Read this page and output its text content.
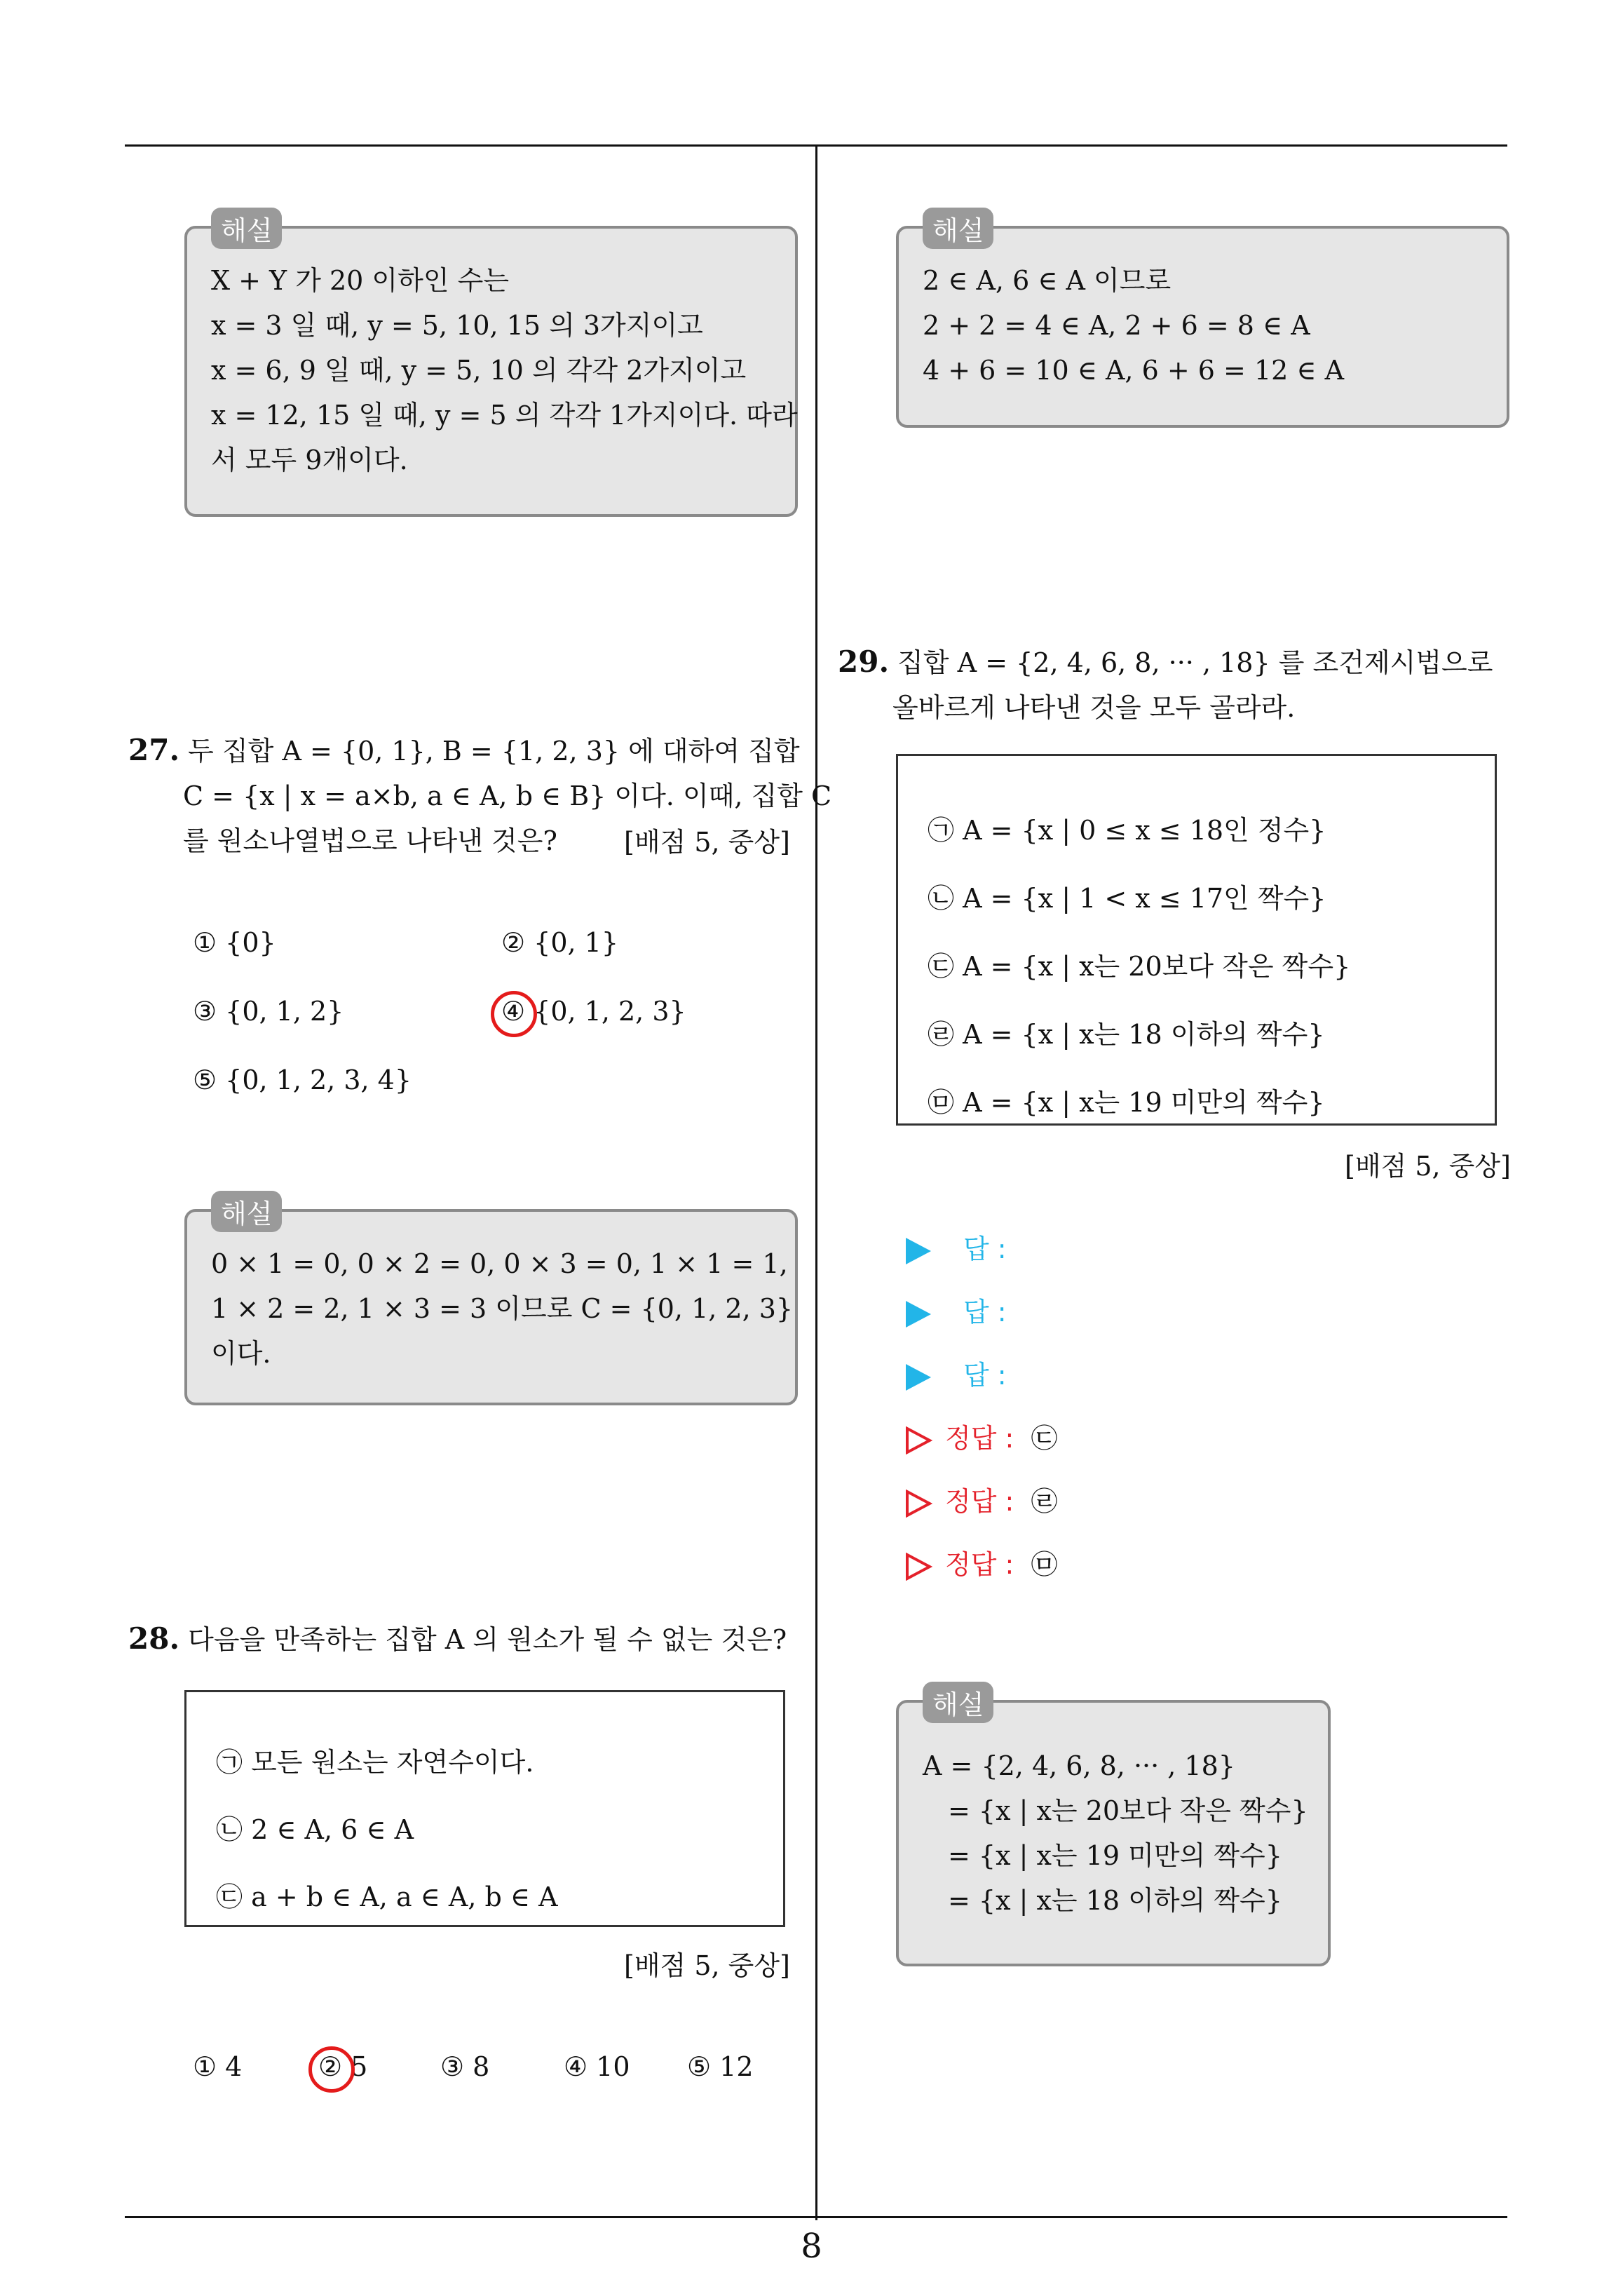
해설
X + Y 가 20 이하인 수는
x = 3 일 때, y = 5, 10, 15 의 3가지이고
x = 6, 9 일 때, y = 5, 10 의 각각 2가지이고
x = 12, 15 일 때, y = 5 의 각각 1가지이다. 따라
서 모두 9개이다.
27. 두 집합 A = {0, 1}, B = {1, 2, 3} 에 대하여 집합
C = {x | x = a×b, a ∈ A, b ∈ B} 이다. 이때, 집합 C
를 원소나열법으로 나타낸 것은?	[배점 5, 중상]
① {0}	② {0, 1}
③ {0, 1, 2}	④ {0, 1, 2, 3}
⑤ {0, 1, 2, 3, 4}
해설
0 × 1 = 0, 0 × 2 = 0, 0 × 3 = 0, 1 × 1 = 1,
1 × 2 = 2, 1 × 3 = 3 이므로 C = {0, 1, 2, 3}
이다.
28. 다음을 만족하는 집합 A 의 원소가 될 수 없는 것은?
㉠ 모든 원소는 자연수이다.
㉡ 2 ∈ A, 6 ∈ A
㉢ a + b ∈ A, a ∈ A, b ∈ A
[배점 5, 중상]
① 4	② 5	③ 8	④ 10 ⑤ 12
해설
2 ∈ A, 6 ∈ A 이므로
2 + 2 = 4 ∈ A, 2 + 6 = 8 ∈ A
4 + 6 = 10 ∈ A, 6 + 6 = 12 ∈ A
29. 집합 A = {2, 4, 6, 8, ··· , 18} 를 조건제시법으로
올바르게 나타낸 것을 모두 골라라.
㉠ A = {x | 0 ≤ x ≤ 18인 정수}
㉡ A = {x | 1 < x ≤ 17인 짝수}
㉢ A = {x | x는 20보다 작은 짝수}
㉣ A = {x | x는 18 이하의 짝수}
㉤ A = {x | x는 19 미만의 짝수}
[배점 5, 중상]
답 :
답 :
답 :
정답 : ㉢
정답 : ㉣
정답 : ㉤
해설
A = {2, 4, 6, 8, ··· , 18}
= {x | x는 20보다 작은 짝수}
= {x | x는 19 미만의 짝수}
= {x | x는 18 이하의 짝수}
8
